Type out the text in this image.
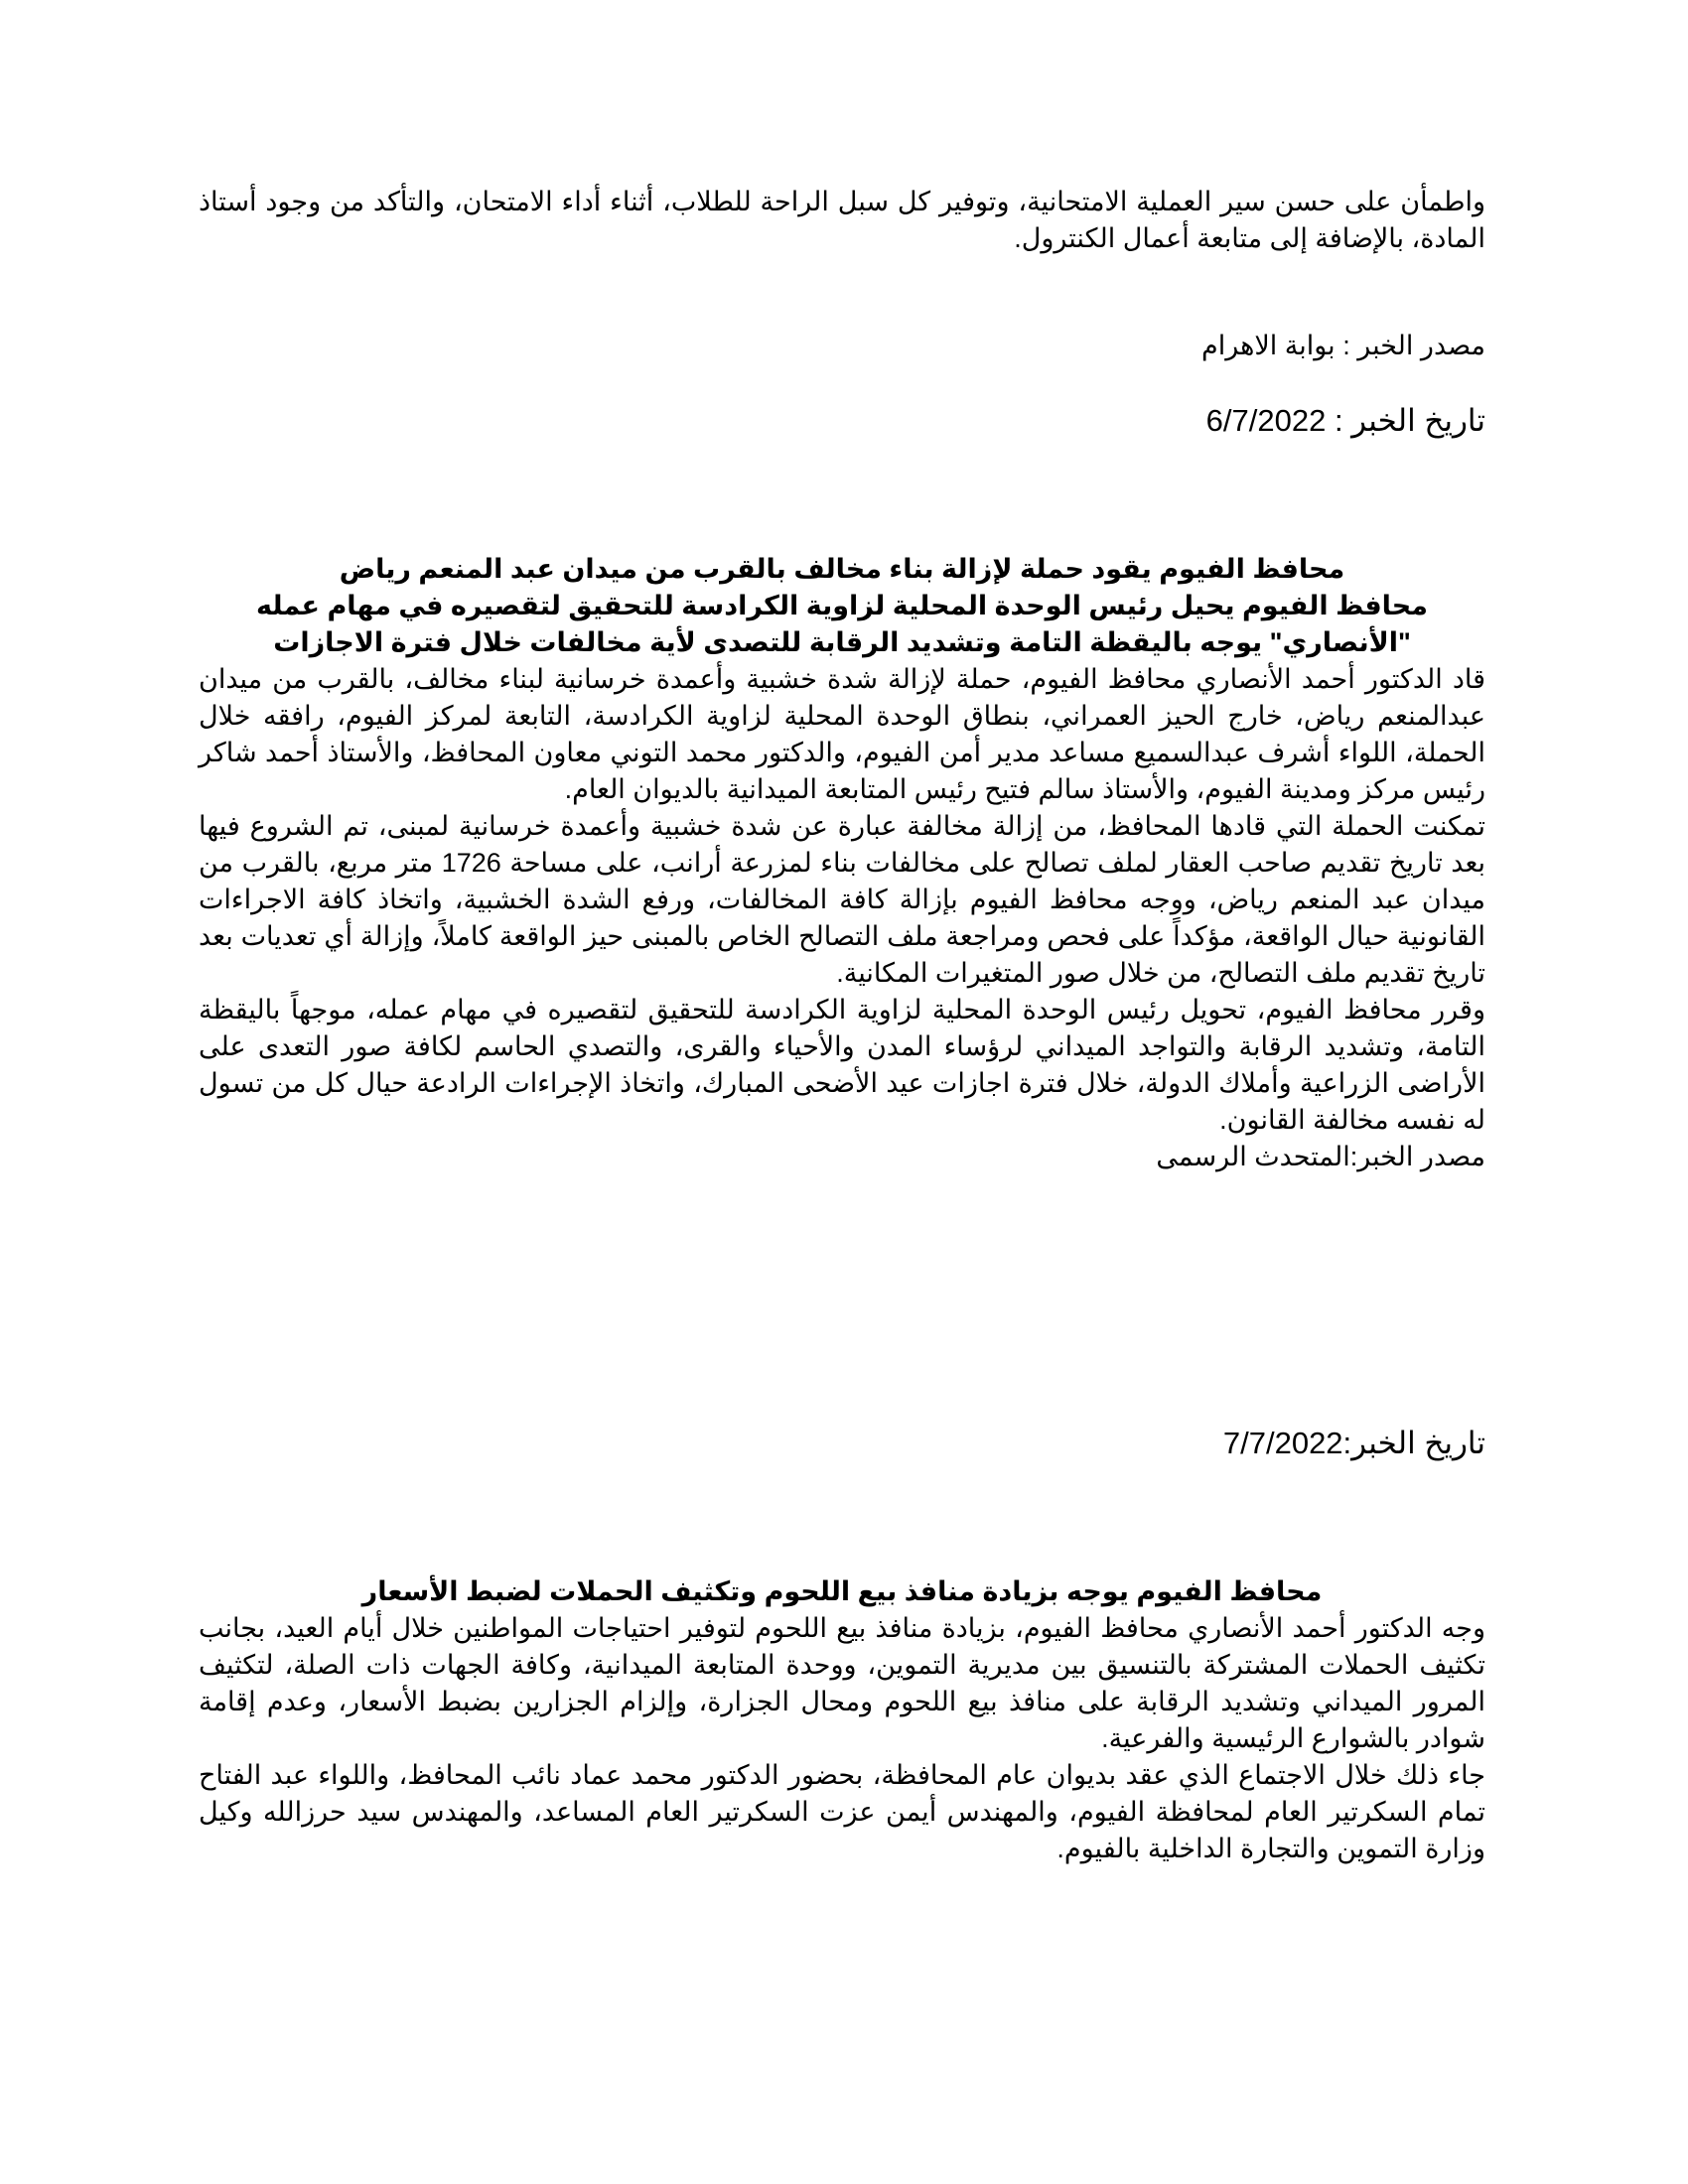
واطمأن على حسن سير العملية الامتحانية، وتوفير كل سبل الراحة للطلاب، أثناء أداء الامتحان، والتأكد من وجود أستاذ المادة، بالإضافة إلى متابعة أعمال الكنترول.

مصدر الخبر : بوابة الاهرام

تاريخ الخبر : 6/7/2022

محافظ الفيوم يقود حملة لإزالة بناء مخالف بالقرب من ميدان عبد المنعم رياض

محافظ الفيوم يحيل رئيس الوحدة المحلية لزاوية الكرادسة للتحقيق لتقصيره في مهام عمله

"الأنصاري" يوجه باليقظة التامة وتشديد الرقابة للتصدى لأية مخالفات خلال فترة الاجازات

قاد الدكتور أحمد الأنصاري محافظ الفيوم، حملة لإزالة شدة خشبية وأعمدة خرسانية لبناء مخالف، بالقرب من ميدان عبدالمنعم رياض، خارج الحيز العمراني، بنطاق الوحدة المحلية لزاوية الكرادسة، التابعة لمركز الفيوم، رافقه خلال الحملة، اللواء أشرف عبدالسميع مساعد مدير أمن الفيوم، والدكتور محمد التوني معاون المحافظ، والأستاذ أحمد شاكر رئيس مركز ومدينة الفيوم، والأستاذ سالم فتيح رئيس المتابعة الميدانية بالديوان العام.

تمكنت الحملة التي قادها المحافظ، من إزالة مخالفة عبارة عن شدة خشبية وأعمدة خرسانية لمبنى، تم الشروع فيها بعد تاريخ تقديم صاحب العقار لملف تصالح على مخالفات بناء لمزرعة أرانب، على مساحة 1726 متر مربع، بالقرب من ميدان عبد المنعم رياض، ووجه محافظ الفيوم بإزالة كافة المخالفات، ورفع الشدة الخشبية، واتخاذ كافة الاجراءات القانونية حيال الواقعة، مؤكداً على فحص ومراجعة ملف التصالح الخاص بالمبنى حيز الواقعة كاملاً، وإزالة أي تعديات بعد تاريخ تقديم ملف التصالح، من خلال صور المتغيرات المكانية.

وقرر محافظ الفيوم، تحويل رئيس الوحدة المحلية لزاوية الكرادسة للتحقيق لتقصيره في مهام عمله، موجهاً باليقظة التامة، وتشديد الرقابة والتواجد الميداني لرؤساء المدن والأحياء والقرى، والتصدي الحاسم لكافة صور التعدى على الأراضى الزراعية وأملاك الدولة، خلال فترة اجازات عيد الأضحى المبارك، واتخاذ الإجراءات الرادعة حيال كل من تسول له نفسه مخالفة القانون.

مصدر الخبر:المتحدث الرسمى

تاريخ الخبر:7/7/2022

محافظ الفيوم يوجه بزيادة منافذ بيع اللحوم وتكثيف الحملات لضبط الأسعار

وجه الدكتور أحمد الأنصاري محافظ الفيوم، بزيادة منافذ بيع اللحوم لتوفير احتياجات المواطنين خلال أيام العيد، بجانب تكثيف الحملات المشتركة بالتنسيق بين مديرية التموين، ووحدة المتابعة الميدانية، وكافة الجهات ذات الصلة، لتكثيف المرور الميداني وتشديد الرقابة على منافذ بيع اللحوم ومحال الجزارة، وإلزام الجزارين بضبط الأسعار، وعدم إقامة شوادر بالشوارع الرئيسية والفرعية.

جاء ذلك خلال الاجتماع الذي عقد بديوان عام المحافظة، بحضور الدكتور محمد عماد نائب المحافظ، واللواء عبد الفتاح تمام السكرتير العام لمحافظة الفيوم، والمهندس أيمن عزت السكرتير العام المساعد، والمهندس سيد حرزالله وكيل وزارة التموين والتجارة الداخلية بالفيوم.
